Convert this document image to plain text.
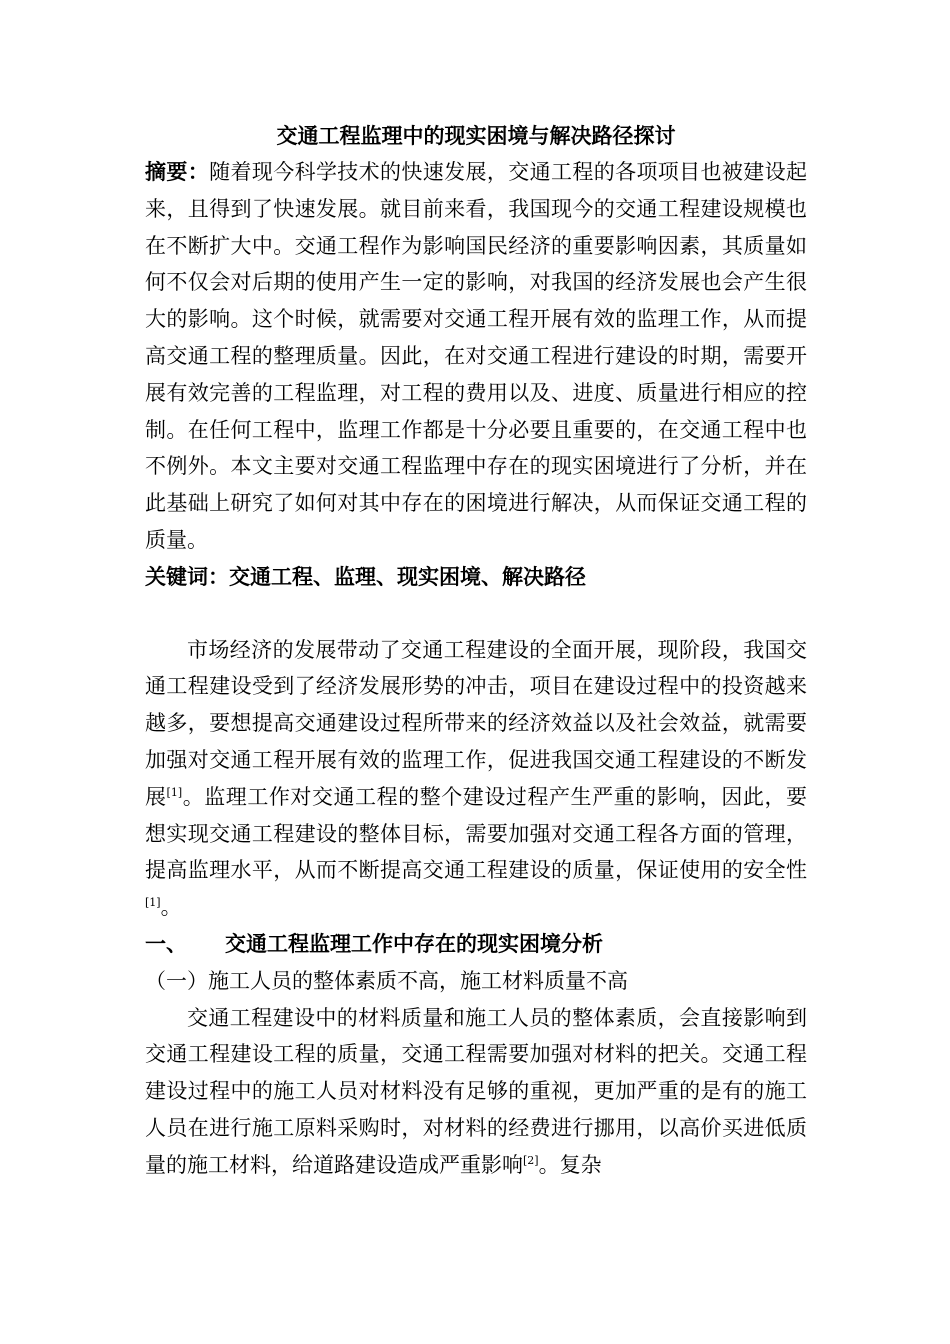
交通工程监理中的现实困境与解决路径探讨

摘要：随着现今科学技术的快速发展，交通工程的各项项目也被建设起来，且得到了快速发展。就目前来看，我国现今的交通工程建设规模也在不断扩大中。交通工程作为影响国民经济的重要影响因素，其质量如何不仅会对后期的使用产生一定的影响，对我国的经济发展也会产生很大的影响。这个时候，就需要对交通工程开展有效的监理工作，从而提高交通工程的整理质量。因此，在对交通工程进行建设的时期，需要开展有效完善的工程监理，对工程的费用以及、进度、质量进行相应的控制。在任何工程中，监理工作都是十分必要且重要的，在交通工程中也不例外。本文主要对交通工程监理中存在的现实困境进行了分析，并在此基础上研究了如何对其中存在的困境进行解决，从而保证交通工程的质量。

关键词：交通工程、监理、现实困境、解决路径

市场经济的发展带动了交通工程建设的全面开展，现阶段，我国交通工程建设受到了经济发展形势的冲击，项目在建设过程中的投资越来越多，要想提高交通建设过程所带来的经济效益以及社会效益，就需要加强对交通工程开展有效的监理工作，促进我国交通工程建设的不断发展[1]。监理工作对交通工程的整个建设过程产生严重的影响，因此，要想实现交通工程建设的整体目标，需要加强对交通工程各方面的管理，提高监理水平，从而不断提高交通工程建设的质量，保证使用的安全性[1]。

一、 交通工程监理工作中存在的现实困境分析

（一）施工人员的整体素质不高，施工材料质量不高

交通工程建设中的材料质量和施工人员的整体素质，会直接影响到交通工程建设工程的质量，交通工程需要加强对材料的把关。交通工程建设过程中的施工人员对材料没有足够的重视，更加严重的是有的施工人员在进行施工原料采购时，对材料的经费进行挪用，以高价买进低质量的施工材料，给道路建设造成严重影响[2]。复杂
